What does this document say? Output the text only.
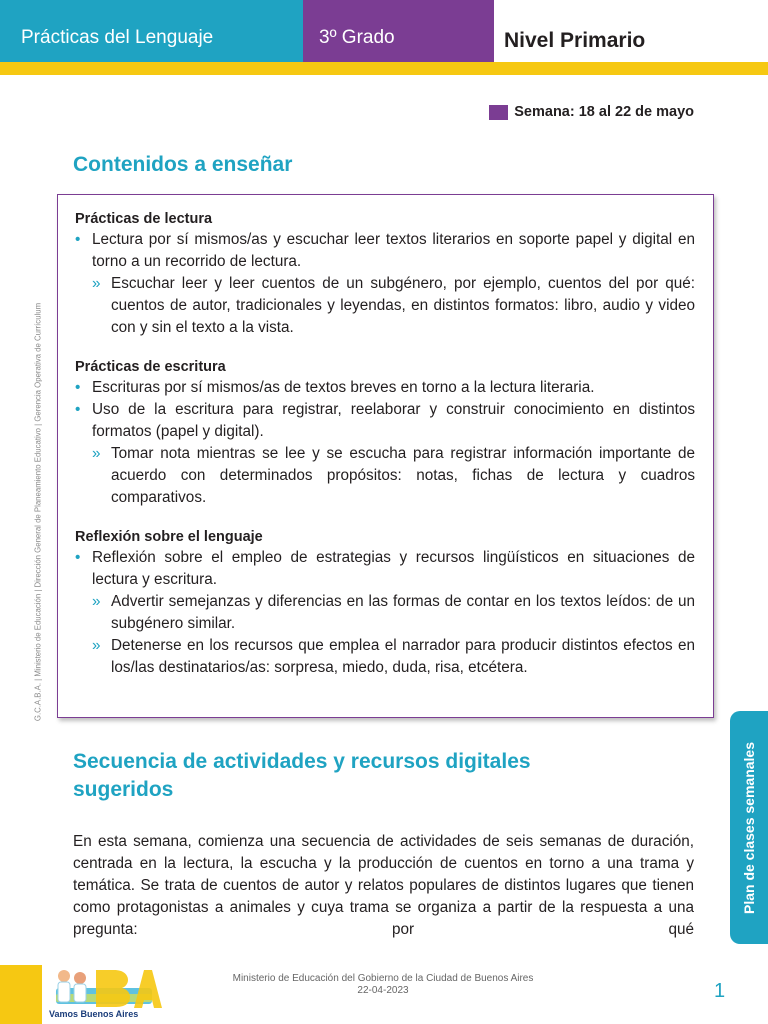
Prácticas del Lenguaje	3º Grado	Nivel Primario
Semana: 18 al 22 de mayo
Contenidos a enseñar
Prácticas de lectura
• Lectura por sí mismos/as y escuchar leer textos literarios en soporte papel y digital en torno a un recorrido de lectura.
» Escuchar leer y leer cuentos de un subgénero, por ejemplo, cuentos del por qué: cuentos de autor, tradicionales y leyendas, en distintos formatos: libro, audio y video con y sin el texto a la vista.
Prácticas de escritura
• Escrituras por sí mismos/as de textos breves en torno a la lectura literaria.
• Uso de la escritura para registrar, reelaborar y construir conocimiento en distintos formatos (papel y digital).
» Tomar nota mientras se lee y se escucha para registrar información importante de acuerdo con determinados propósitos: notas, fichas de lectura y cuadros comparativos.
Reflexión sobre el lenguaje
• Reflexión sobre el empleo de estrategias y recursos lingüísticos en situaciones de lectura y escritura.
» Advertir semejanzas y diferencias en las formas de contar en los textos leídos: de un subgénero similar.
» Detenerse en los recursos que emplea el narrador para producir distintos efectos en los/las destinatarios/as: sorpresa, miedo, duda, risa, etcétera.
Secuencia de actividades y recursos digitales sugeridos
En esta semana, comienza una secuencia de actividades de seis semanas de duración, centrada en la lectura, la escucha y la producción de cuentos en torno a una trama y temática. Se trata de cuentos de autor y relatos populares de distintos lugares que tienen como protagonistas a animales y cuya trama se organiza a partir de la respuesta a una pregunta: por qué
G.C.A.B.A. | Ministerio de Educación | Dirección General de Planeamiento Educativo | Gerencia Operativa de Currículum
Plan de clases semanales
Vamos Buenos Aires
Ministerio de Educación del Gobierno de la Ciudad de Buenos Aires
22-04-2023	1
